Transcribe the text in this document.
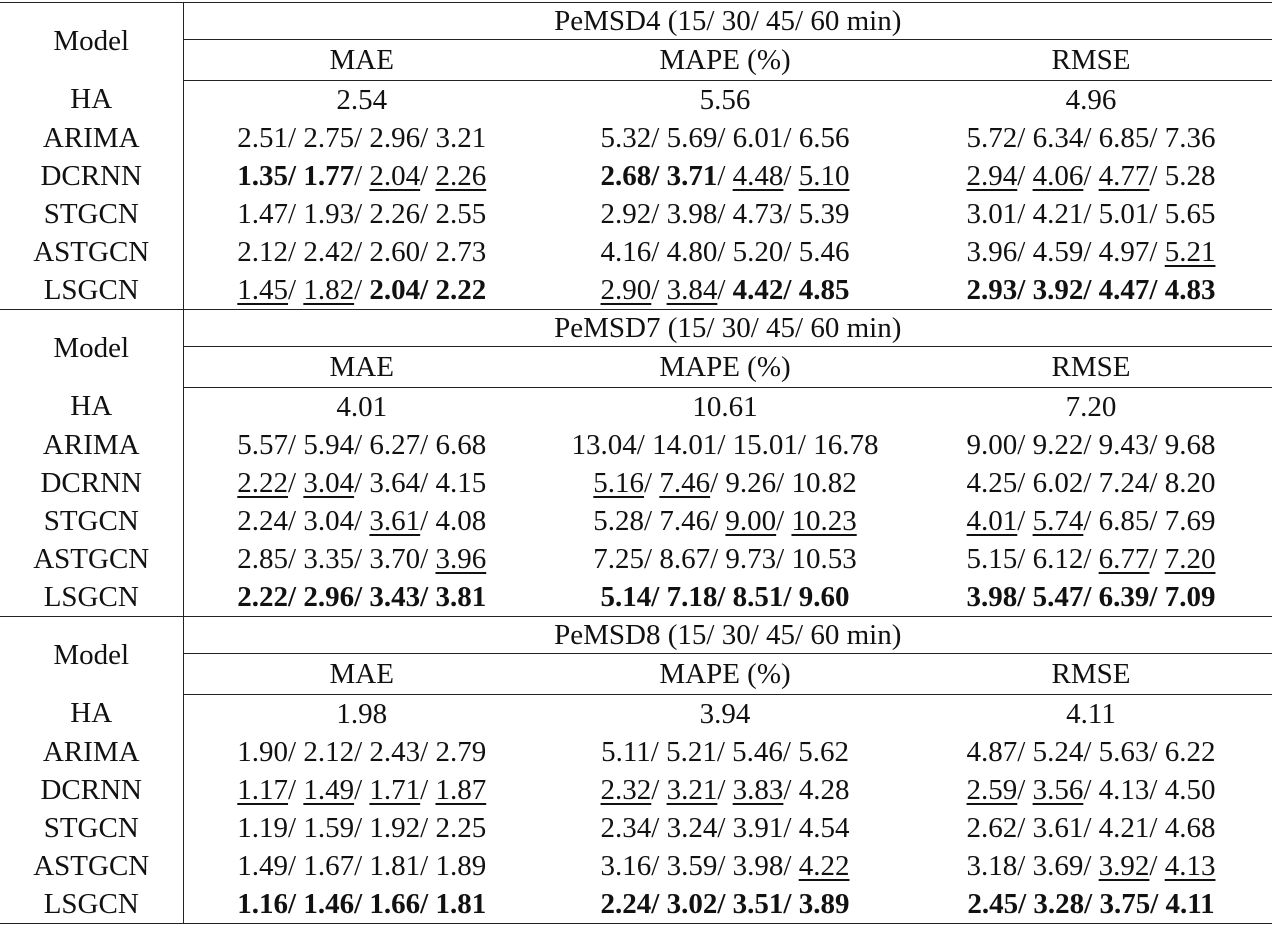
Model	PeMSD4 (15/ 30/ 45/ 60 min)		
	MAE	MAPE (%)	RMSE
HA	2.54	5.56	4.96
ARIMA	2.51/ 2.75/ 2.96/ 3.21	5.32/ 5.69/ 6.01/ 6.56	5.72/ 6.34/ 6.85/ 7.36
DCRNN	1.35/ 1.77/ 2.04/ 2.26	2.68/ 3.71/ 4.48/ 5.10	2.94/ 4.06/ 4.77/ 5.28
STGCN	1.47/ 1.93/ 2.26/ 2.55	2.92/ 3.98/ 4.73/ 5.39	3.01/ 4.21/ 5.01/ 5.65
ASTGCN	2.12/ 2.42/ 2.60/ 2.73	4.16/ 4.80/ 5.20/ 5.46	3.96/ 4.59/ 4.97/ 5.21
LSGCN	1.45/ 1.82/ 2.04/ 2.22	2.90/ 3.84/ 4.42/ 4.85	2.93/ 3.92/ 4.47/ 4.83
Model	PeMSD7 (15/ 30/ 45/ 60 min)		
	MAE	MAPE (%)	RMSE
HA	4.01	10.61	7.20
ARIMA	5.57/ 5.94/ 6.27/ 6.68	13.04/ 14.01/ 15.01/ 16.78	9.00/ 9.22/ 9.43/ 9.68
DCRNN	2.22/ 3.04/ 3.64/ 4.15	5.16/ 7.46/ 9.26/ 10.82	4.25/ 6.02/ 7.24/ 8.20
STGCN	2.24/ 3.04/ 3.61/ 4.08	5.28/ 7.46/ 9.00/ 10.23	4.01/ 5.74/ 6.85/ 7.69
ASTGCN	2.85/ 3.35/ 3.70/ 3.96	7.25/ 8.67/ 9.73/ 10.53	5.15/ 6.12/ 6.77/ 7.20
LSGCN	2.22/ 2.96/ 3.43/ 3.81	5.14/ 7.18/ 8.51/ 9.60	3.98/ 5.47/ 6.39/ 7.09
Model	PeMSD8 (15/ 30/ 45/ 60 min)		
	MAE	MAPE (%)	RMSE
HA	1.98	3.94	4.11
ARIMA	1.90/ 2.12/ 2.43/ 2.79	5.11/ 5.21/ 5.46/ 5.62	4.87/ 5.24/ 5.63/ 6.22
DCRNN	1.17/ 1.49/ 1.71/ 1.87	2.32/ 3.21/ 3.83/ 4.28	2.59/ 3.56/ 4.13/ 4.50
STGCN	1.19/ 1.59/ 1.92/ 2.25	2.34/ 3.24/ 3.91/ 4.54	2.62/ 3.61/ 4.21/ 4.68
ASTGCN	1.49/ 1.67/ 1.81/ 1.89	3.16/ 3.59/ 3.98/ 4.22	3.18/ 3.69/ 3.92/ 4.13
LSGCN	1.16/ 1.46/ 1.66/ 1.81	2.24/ 3.02/ 3.51/ 3.89	2.45/ 3.28/ 3.75/ 4.11
